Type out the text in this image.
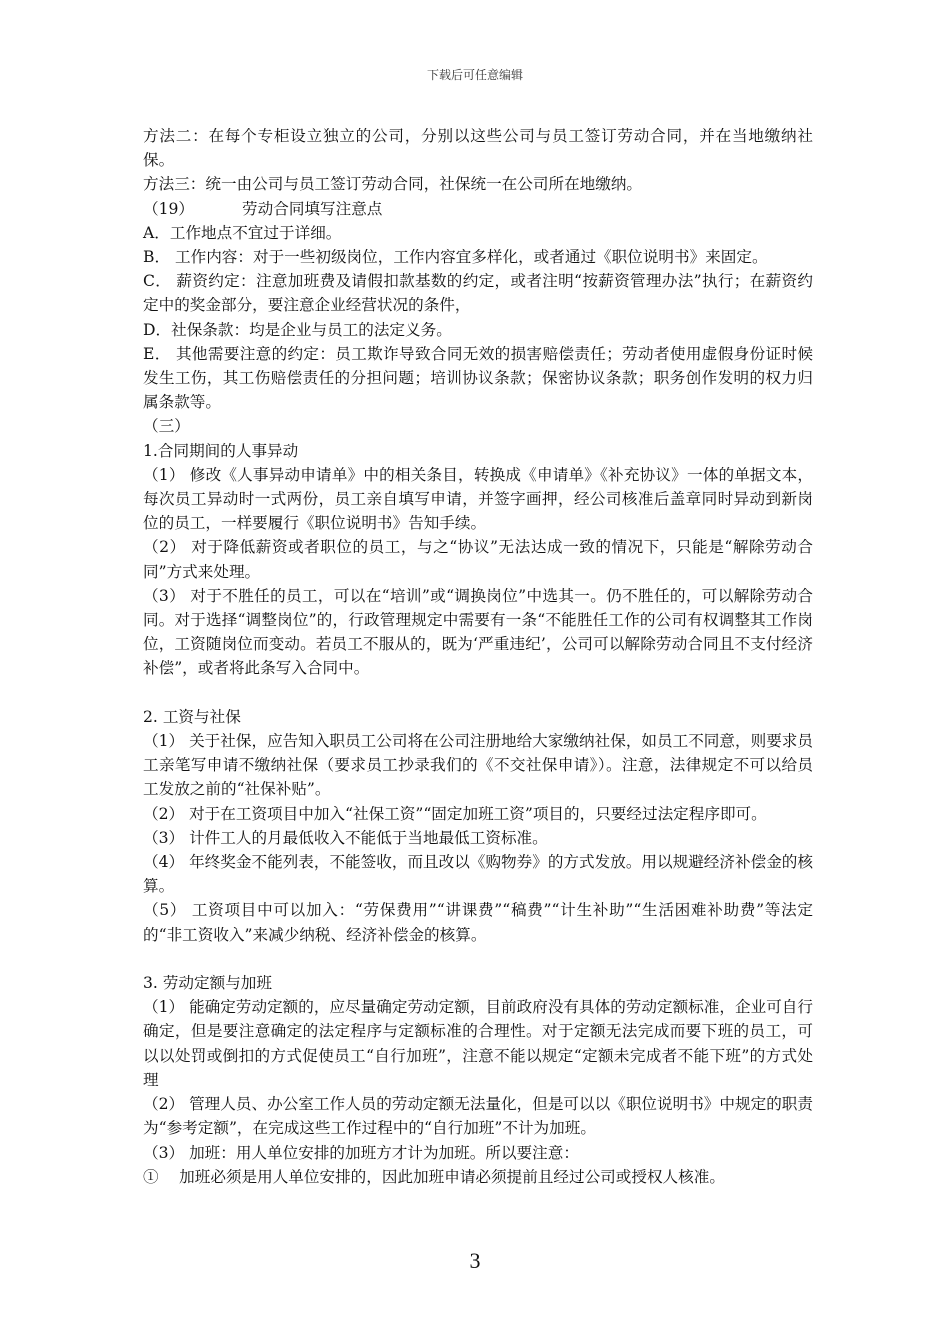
下载后可任意编辑

方法二：在每个专柜设立独立的公司，分别以这些公司与员工签订劳动合同，并在当地缴纳社保。

方法三：统一由公司与员工签订劳动合同，社保统一在公司所在地缴纳。

（19）	劳动合同填写注意点

A．工作地点不宜过于详细。

B． 工作内容：对于一些初级岗位，工作内容宜多样化，或者通过《职位说明书》来固定。

C． 薪资约定：注意加班费及请假扣款基数的约定，或者注明“按薪资管理办法”执行；在薪资约定中的奖金部分，要注意企业经营状况的条件，

D．社保条款：均是企业与员工的法定义务。

E． 其他需要注意的约定：员工欺诈导致合同无效的损害赔偿责任；劳动者使用虚假身份证时候发生工伤，其工伤赔偿责任的分担问题；培训协议条款；保密协议条款；职务创作发明的权力归属条款等。

（三）

1.合同期间的人事异动

（1） 修改《人事异动申请单》中的相关条目，转换成《申请单》《补充协议》一体的单据文本，每次员工异动时一式两份，员工亲自填写申请，并签字画押，经公司核准后盖章同时异动到新岗位的员工，一样要履行《职位说明书》告知手续。

（2） 对于降低薪资或者职位的员工，与之“协议”无法达成一致的情况下，只能是“解除劳动合同”方式来处理。

（3） 对于不胜任的员工，可以在“培训”或“调换岗位”中选其一。仍不胜任的，可以解除劳动合同。对于选择“调整岗位”的，行政管理规定中需要有一条“不能胜任工作的公司有权调整其工作岗位，工资随岗位而变动。若员工不服从的，既为‘严重违纪’，公司可以解除劳动合同且不支付经济补偿”，或者将此条写入合同中。

2. 工资与社保

（1） 关于社保，应告知入职员工公司将在公司注册地给大家缴纳社保，如员工不同意，则要求员工亲笔写申请不缴纳社保（要求员工抄录我们的《不交社保申请》）。注意，法律规定不可以给员工发放之前的“社保补贴”。

（2） 对于在工资项目中加入“社保工资”“固定加班工资”项目的，只要经过法定程序即可。

（3） 计件工人的月最低收入不能低于当地最低工资标准。

（4） 年终奖金不能列表，不能签收，而且改以《购物券》的方式发放。用以规避经济补偿金的核算。

（5） 工资项目中可以加入：“劳保费用”“讲课费”“稿费”“计生补助”“生活困难补助费”等法定的“非工资收入”来减少纳税、经济补偿金的核算。

3. 劳动定额与加班

（1） 能确定劳动定额的，应尽量确定劳动定额，目前政府没有具体的劳动定额标准，企业可自行确定，但是要注意确定的法定程序与定额标准的合理性。对于定额无法完成而要下班的员工，可以以处罚或倒扣的方式促使员工“自行加班”，注意不能以规定“定额未完成者不能下班”的方式处理

（2） 管理人员、办公室工作人员的劳动定额无法量化，但是可以以《职位说明书》中规定的职责为“参考定额”，在完成这些工作过程中的“自行加班”不计为加班。

（3） 加班：用人单位安排的加班方才计为加班。所以要注意：

①　 加班必须是用人单位安排的，因此加班申请必须提前且经过公司或授权人核准。

3
